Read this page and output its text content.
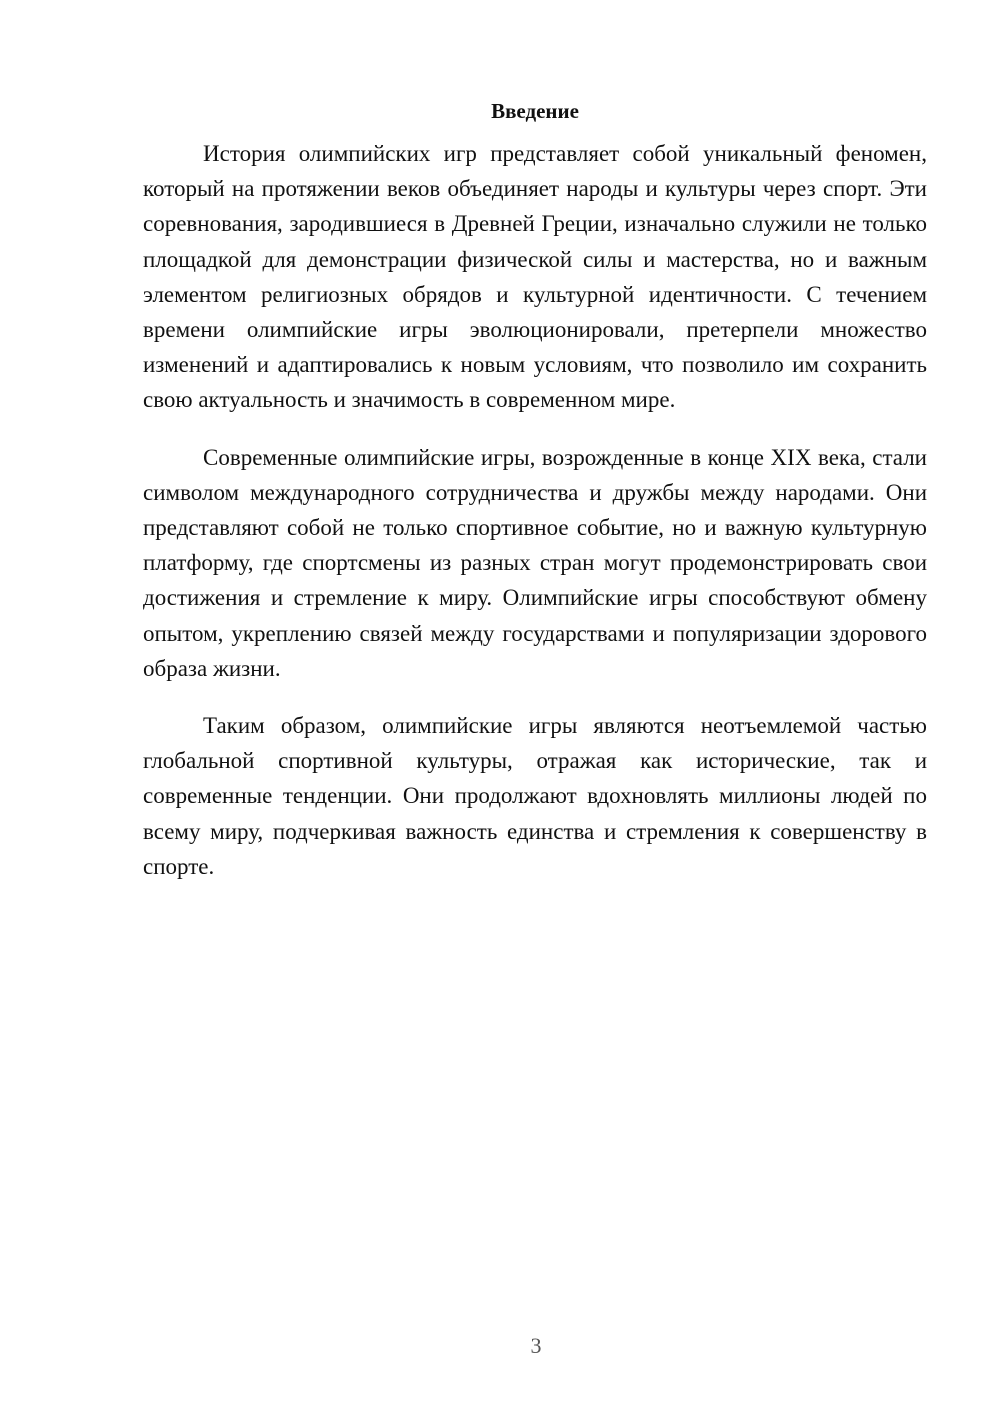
Введение

История олимпийских игр представляет собой уникальный феномен, который на протяжении веков объединяет народы и культуры через спорт. Эти соревнования, зародившиеся в Древней Греции, изначально служили не только площадкой для демонстрации физической силы и мастерства, но и важным элементом религиозных обрядов и культурной идентичности. С течением времени олимпийские игры эволюционировали, претерпели множество изменений и адаптировались к новым условиям, что позволило им сохранить свою актуальность и значимость в современном мире.

Современные олимпийские игры, возрожденные в конце XIX века, стали символом международного сотрудничества и дружбы между народами. Они представляют собой не только спортивное событие, но и важную культурную платформу, где спортсмены из разных стран могут продемонстрировать свои достижения и стремление к миру. Олимпийские игры способствуют обмену опытом, укреплению связей между государствами и популяризации здорового образа жизни.

Таким образом, олимпийские игры являются неотъемлемой частью глобальной спортивной культуры, отражая как исторические, так и современные тенденции. Они продолжают вдохновлять миллионы людей по всему миру, подчеркивая важность единства и стремления к совершенству в спорте.

3
